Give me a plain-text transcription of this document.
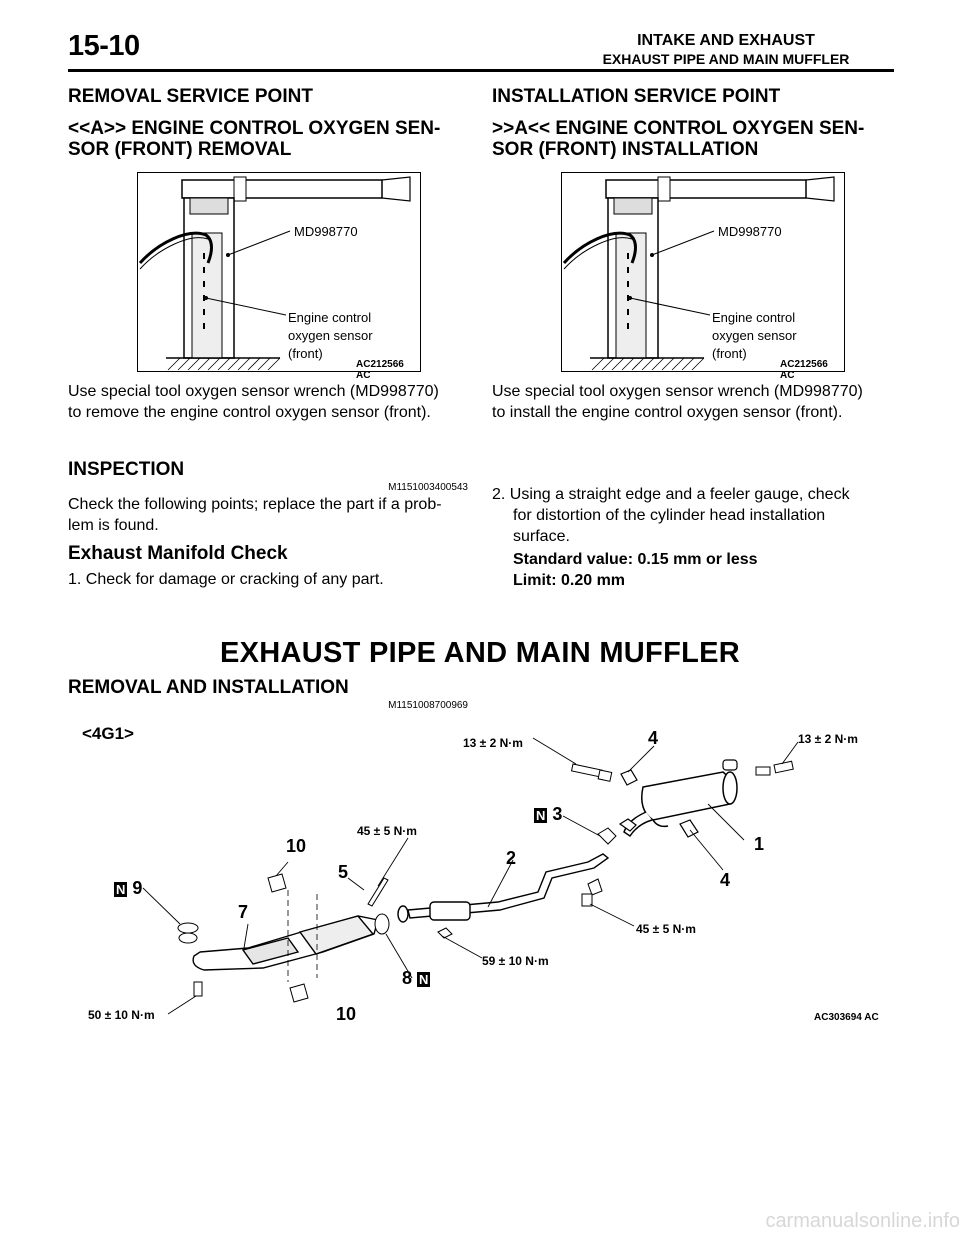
15-10	INTAKE AND EXHAUST
EXHAUST PIPE AND MAIN MUFFLER
REMOVAL SERVICE POINT
<<A>> ENGINE CONTROL OXYGEN SEN-
SOR (FRONT) REMOVAL
MD998770
Engine control
oxygen sensor
(front)
AC212566 AC
Use special tool oxygen sensor wrench (MD998770)
to remove the engine control oxygen sensor (front).
INSTALLATION SERVICE POINT
>>A<< ENGINE CONTROL OXYGEN SEN-
SOR (FRONT) INSTALLATION
MD998770
Engine control
oxygen sensor
(front)
AC212566 AC
Use special tool oxygen sensor wrench (MD998770)
to install the engine control oxygen sensor (front).
INSPECTION
M1151003400543
Check the following points; replace the part if a prob-
lem is found.
Exhaust Manifold Check
1. Check for damage or cracking of any part.
2. Using a straight edge and a feeler gauge, check
for distortion of the cylinder head installation
surface.
Standard value: 0.15 mm or less
Limit: 0.20 mm
EXHAUST PIPE AND MAIN MUFFLER
REMOVAL AND INSTALLATION
M1151008700969
<4G1>	13 ± 2 N·m	13 ± 2 N·m
45 ± 5 N·m
45 ± 5 N·m
59 ± 10 N·m
50 ± 10 N·m
4
1
4
N 3
2
10
5
N 9
7
8 N
10	AC303694 AC
carmanualsonline.info
